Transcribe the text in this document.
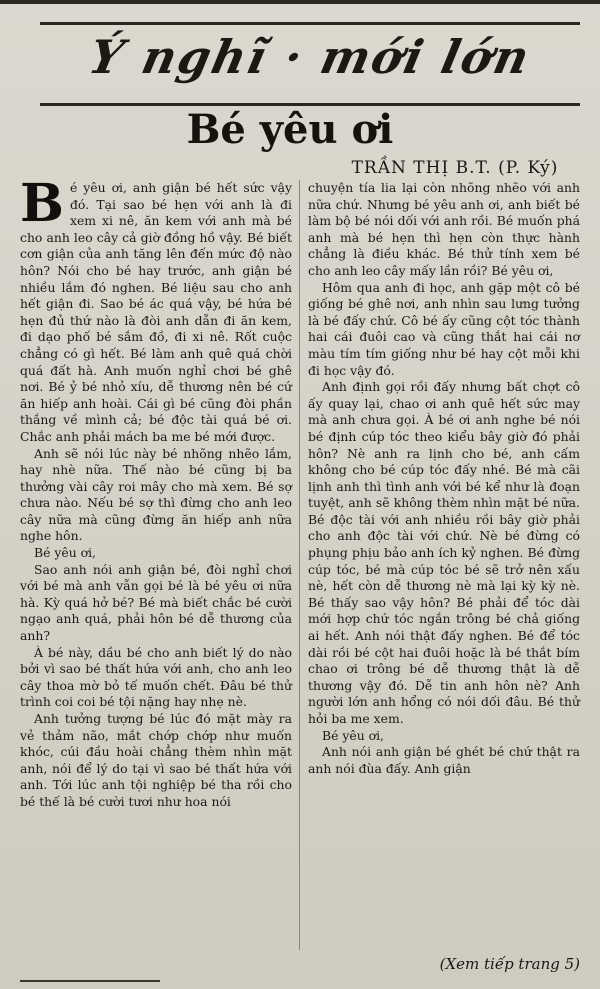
Ý nghĩ · mới lớn
Bé yêu ơi
TRẦN THỊ B.T. (P. Ký)

Bé yêu ơi, anh giận bé hết sức vậy đó. Tại sao bé hẹn với anh là đi xem xi nê, ăn kem với anh mà bé cho anh leo cây cả giờ đồng hồ vậy. Bé biết cơn giận của anh tăng lên đến mức độ nào hôn? Nói cho bé hay trước, anh giận bé nhiều lắm đó nghen. Bé liệu sau cho anh hết giận đi. Sao bé ác quá vậy, bé hứa bé hẹn đủ thứ nào là đòi anh dẫn đi ăn kem, đi dạo phố bé sắm đồ, đi xi nê. Rốt cuộc chẳng có gì hết. Bé làm anh quê quá chời quá đất hà. Anh muốn nghỉ chơi bé ghê nơi. Bé ỷ bé nhỏ xíu, dễ thương nên bé cứ ăn hiếp anh hoài. Cái gì bé cũng đòi phần thắng về mình cả; bé độc tài quá bé ơi. Chắc anh phải mách ba me bé mới được.

Anh sẽ nói lúc này bé nhõng nhẽo lắm, hay nhè nữa. Thế nào bé cũng bị ba thưởng vài cây roi mây cho mà xem. Bé sợ chưa nào. Nếu bé sợ thì đừng cho anh leo cây nữa mà cũng đừng ăn hiếp anh nữa nghe hôn.

Bé yêu ơi,

Sao anh nói anh giận bé, đòi nghỉ chơi với bé mà anh vẫn gọi bé là bé yêu ơi nữa hà. Kỳ quá hở bé? Bé mà biết chắc bé cười ngạo anh quá, phải hôn bé dễ thương của anh?

À bé này, dầu bé cho anh biết lý do nào bởi vì sao bé thất hứa với anh, cho anh leo cây thoa mờ bỏ tế muốn chết. Đâu bé thử trình coi coi bé tội nặng hay nhẹ nè.

Anh tưởng tượng bé lúc đó mặt mày ra vẻ thảm não, mắt chớp chớp như muốn khóc, cúi đầu hoài chẳng thèm nhìn mặt anh, nói để lý do tại vì sao bé thất hứa với anh. Tới lúc anh tội nghiệp bé tha rồi cho bé thế là bé cười tươi như hoa nói

chuyện tía lia lại còn nhõng nhẽo với anh nữa chứ. Nhưng bé yêu anh ơi, anh biết bé làm bộ bé nói dối với anh rồi. Bé muốn phá anh mà bé hẹn thì hẹn còn thực hành chẳng là điều khác. Bé thử tính xem bé cho anh leo cây mấy lần rồi? Bé yêu ơi,

Hôm qua anh đi học, anh gặp một cô bé giống bé ghê nơi, anh nhìn sau lưng tưởng là bé đấy chứ. Cô bé ấy cũng cột tóc thành hai cái đuôi cao và cũng thắt hai cái nơ màu tím tím giống như bé hay cột mỗi khi đi học vậy đó.

Anh định gọi rồi đấy nhưng bất chợt cô ấy quay lại, chao ơi anh quê hết sức may mà anh chưa gọi. À bé ơi anh nghe bé nói bé định cúp tóc theo kiểu bây giờ đó phải hôn? Nè anh ra lịnh cho bé, anh cấm không cho bé cúp tóc đấy nhé. Bé mà cãi lịnh anh thì tình anh với bé kể như là đoạn tuyệt, anh sẽ không thèm nhìn mặt bé nữa. Bé độc tài với anh nhiều rồi bây giờ phải cho anh độc tài với chứ. Nè bé đừng có phụng phịu bảo anh ích kỷ nghen. Bé đừng cúp tóc, bé mà cúp tóc bé sẽ trở nên xấu nè, hết còn dễ thương nè mà lại kỳ kỳ nè. Bé thấy sao vậy hôn? Bé phải để tóc dài mới hợp chứ tóc ngắn trông bé chả giống ai hết. Anh nói thật đấy nghen. Bé để tóc dài rồi bé cột hai đuôi hoặc là bé thắt bím chao ơi trông bé dễ thương thật là dễ thương vậy đó. Dễ tin anh hôn nè? Anh người lớn anh hổng có nói dối đâu. Bé thử hỏi ba me xem.

Bé yêu ơi,

Anh nói anh giận bé ghét bé chứ thật ra anh nói đùa đấy. Anh giận

(Xem tiếp trang 5)
